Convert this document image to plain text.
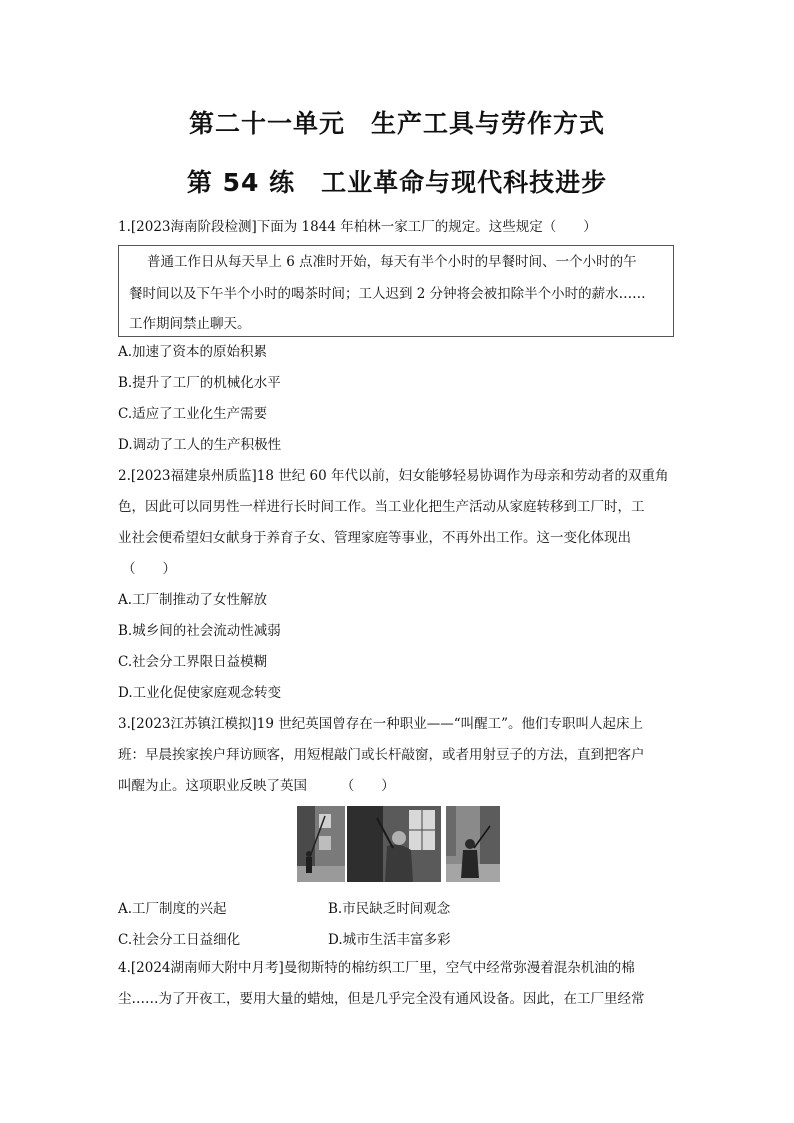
第二十一单元　生产工具与劳作方式
第 54 练　工业革命与现代科技进步
1.[2023海南阶段检测]下面为 1844 年柏林一家工厂的规定。这些规定（　　）
普通工作日从每天早上 6 点准时开始，每天有半个小时的早餐时间、一个小时的午
餐时间以及下午半个小时的喝茶时间；工人迟到 2 分钟将会被扣除半个小时的薪水……
工作期间禁止聊天。
A.加速了资本的原始积累
B.提升了工厂的机械化水平
C.适应了工业化生产需要
D.调动了工人的生产积极性
2.[2023福建泉州质监]18 世纪 60 年代以前，妇女能够轻易协调作为母亲和劳动者的双重角
色，因此可以同男性一样进行长时间工作。当工业化把生产活动从家庭转移到工厂时，工
业社会便希望妇女献身于养育子女、管理家庭等事业，不再外出工作。这一变化体现出
（　　）
A.工厂制推动了女性解放
B.城乡间的社会流动性减弱
C.社会分工界限日益模糊
D.工业化促使家庭观念转变
3.[2023江苏镇江模拟]19 世纪英国曾存在一种职业——“叫醒工”。他们专职叫人起床上
班：早晨挨家挨户拜访顾客，用短棍敲门或长杆敲窗，或者用射豆子的方法，直到把客户
叫醒为止。这项职业反映了英国　　　（　　）
A.工厂制度的兴起	B.市民缺乏时间观念
C.社会分工日益细化	D.城市生活丰富多彩
4.[2024湖南师大附中月考]曼彻斯特的棉纺织工厂里，空气中经常弥漫着混杂机油的棉
尘……为了开夜工，要用大量的蜡烛，但是几乎完全没有通风设备。因此，在工厂里经常
